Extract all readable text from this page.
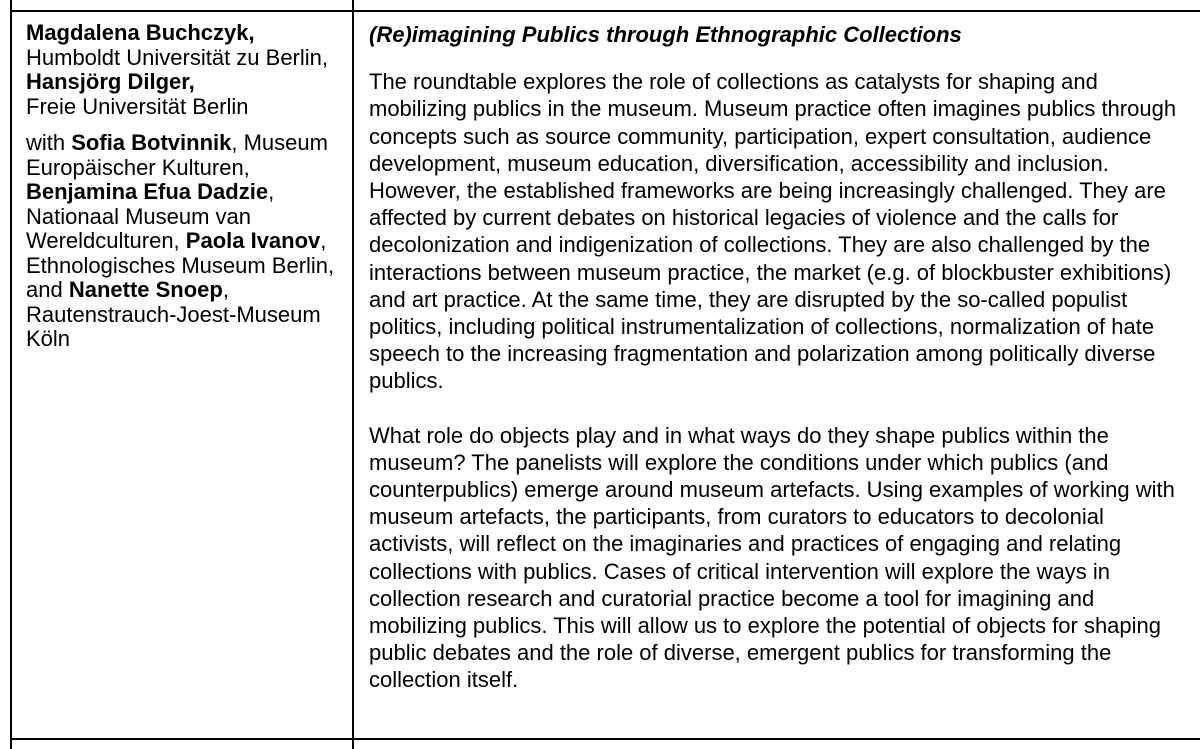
Magdalena Buchczyk,
Humboldt Universität zu Berlin,

Hansjörg Dilger,
Freie Universität Berlin

with Sofia Botvinnik, Museum Europäischer Kulturen, Benjamina Efua Dadzie, Nationaal Museum van Wereldculturen, Paola Ivanov, Ethnologisches Museum Berlin, and Nanette Snoep, Rautenstrauch-Joest-Museum Köln

(Re)imagining Publics through Ethnographic Collections

The roundtable explores the role of collections as catalysts for shaping and mobilizing publics in the museum. Museum practice often imagines publics through concepts such as source community, participation, expert consultation, audience development, museum education, diversification, accessibility and inclusion. However, the established frameworks are being increasingly challenged. They are affected by current debates on historical legacies of violence and the calls for decolonization and indigenization of collections. They are also challenged by the interactions between museum practice, the market (e.g. of blockbuster exhibitions) and art practice. At the same time, they are disrupted by the so-called populist politics, including political instrumentalization of collections, normalization of hate speech to the increasing fragmentation and polarization among politically diverse publics.

What role do objects play and in what ways do they shape publics within the museum? The panelists will explore the conditions under which publics (and counterpublics) emerge around museum artefacts. Using examples of working with museum artefacts, the participants, from curators to educators to decolonial activists, will reflect on the imaginaries and practices of engaging and relating collections with publics. Cases of critical intervention will explore the ways in collection research and curatorial practice become a tool for imagining and mobilizing publics. This will allow us to explore the potential of objects for shaping public debates and the role of diverse, emergent publics for transforming the collection itself.
